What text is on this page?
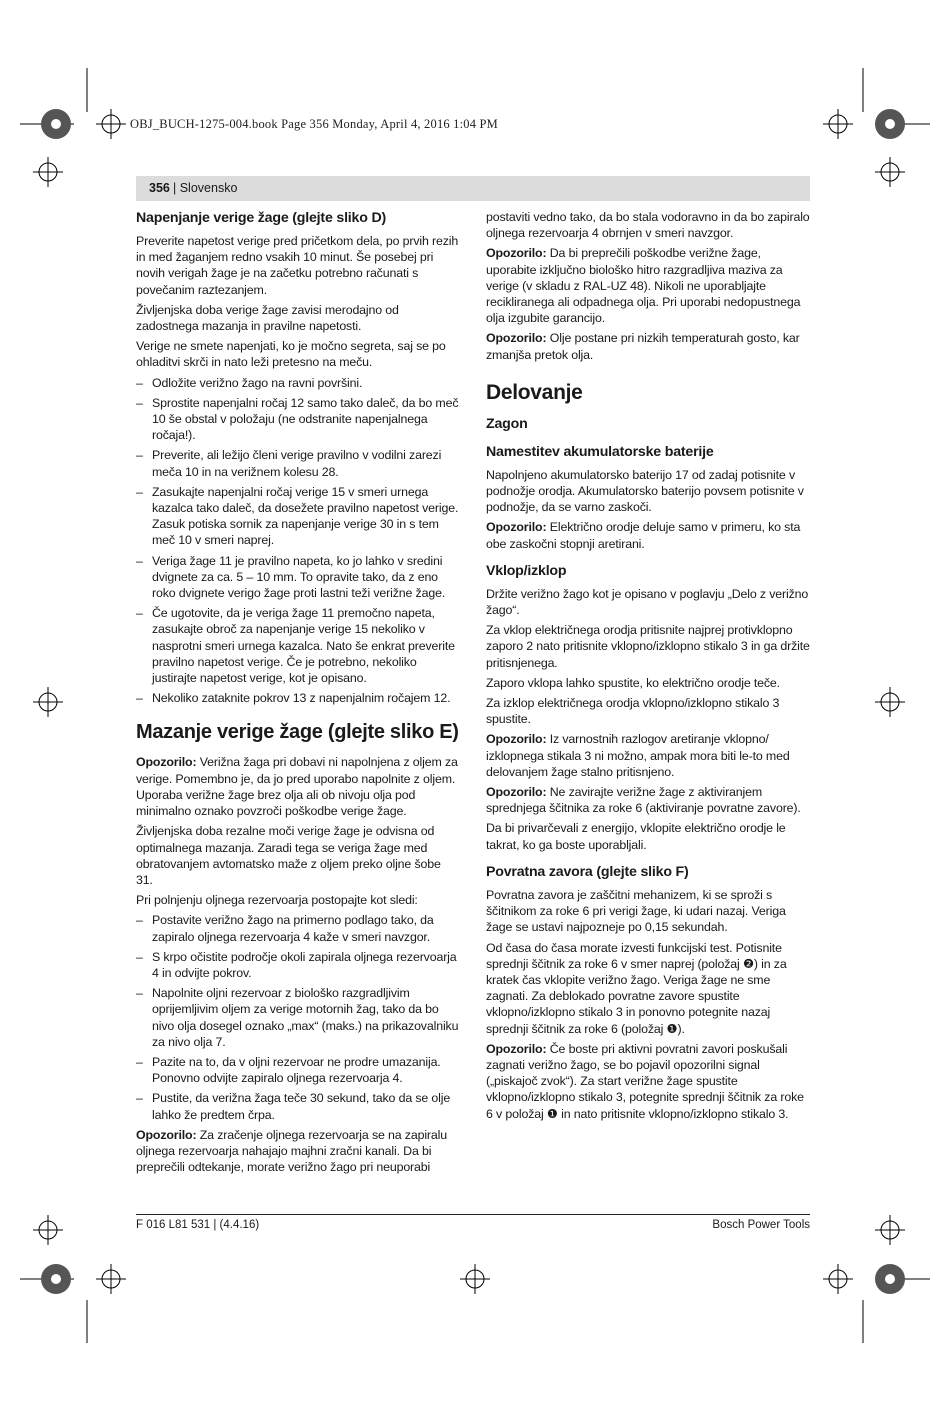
OBJ_BUCH-1275-004.book Page 356 Monday, April 4, 2016 1:04 PM
356 | Slovensko
Napenjanje verige žage (glejte sliko D)

Preverite napetost verige pred pričetkom dela, po prvih rezih in med žaganjem redno vsakih 10 minut. Še posebej pri novih verigah žage je na začetku potrebno računati s povečanim raztezanjem.

Življenjska doba verige žage zavisi merodajno od zadostnega mazanja in pravilne napetosti.

Verige ne smete napenjati, ko je močno segreta, saj se po ohladitvi skrči in nato leži pretesno na meču.

– Odložite verižno žago na ravni površini.
– Sprostite napenjalni ročaj 12 samo tako daleč, da bo meč 10 še obstal v položaju (ne odstranite napenjalnega ročaja!).
– Preverite, ali ležijo členi verige pravilno v vodilni zarezi meča 10 in na verižnem kolesu 28.
– Zasukajte napenjalni ročaj verige 15 v smeri urnega kazalca tako daleč, da dosežete pravilno napetost verige. Zasuk potiska sornik za napenjanje verige 30 in s tem meč 10 v smeri naprej.
– Veriga žage 11 je pravilno napeta, ko jo lahko v sredini dvignete za ca. 5 – 10 mm. To opravite tako, da z eno roko dvignete verigo žage proti lastni teži verižne žage.
– Če ugotovite, da je veriga žage 11 premočno napeta, zasukajte obroč za napenjanje verige 15 nekoliko v nasprotni smeri urnega kazalca. Nato še enkrat preverite pravilno napetost verige. Če je potrebno, nekoliko justirajte napetost verige, kot je opisano.
– Nekoliko zataknite pokrov 13 z napenjalnim ročajem 12.
Mazanje verige žage (glejte sliko E)

Opozorilo: Verižna žaga pri dobavi ni napolnjena z oljem za verige. Pomembno je, da jo pred uporabo napolnite z oljem. Uporaba verižne žage brez olja ali ob nivoju olja pod minimalno oznako povzroči poškodbe verige žage.

Življenjska doba rezalne moči verige žage je odvisna od optimalnega mazanja. Zaradi tega se veriga žage med obratovanjem avtomatsko maže z oljem preko oljne šobe 31.

Pri polnjenju oljnega rezervoarja postopajte kot sledi:

– Postavite verižno žago na primerno podlago tako, da zapiralo oljnega rezervoarja 4 kaže v smeri navzgor.
– S krpo očistite področje okoli zapirala oljnega rezervoarja 4 in odvijte pokrov.
– Napolnite oljni rezervoar z biološko razgradljivim oprijemljivim oljem za verige motornih žag, tako da bo nivo olja dosegel oznako „max“ (maks.) na prikazovalniku za nivo olja 7.
– Pazite na to, da v oljni rezervoar ne prodre umazanija. Ponovno odvijte zapiralo oljnega rezervoarja 4.
– Pustite, da verižna žaga teče 30 sekund, tako da se olje lahko že predtem črpa.

Opozorilo: Za zračenje oljnega rezervoarja se na zapiralu oljnega rezervoarja nahajajo majhni zračni kanali. Da bi preprečili odtekanje, morate verižno žago pri neuporabi

postaviti vedno tako, da bo stala vodoravno in da bo zapiralo oljnega rezervoarja 4 obrnjen v smeri navzgor.

Opozorilo: Da bi preprečili poškodbe verižne žage, uporabite izključno biološko hitro razgradljiva maziva za verige (v skladu z RAL-UZ 48). Nikoli ne uporabljajte recikliranega ali odpadnega olja. Pri uporabi nedopustnega olja izgubite garancijo.

Opozorilo: Olje postane pri nizkih temperaturah gosto, kar zmanjša pretok olja.

Delovanje
Zagon
Namestitev akumulatorske baterije

Napolnjeno akumulatorsko baterijo 17 od zadaj potisnite v podnožje orodja. Akumulatorsko baterijo povsem potisnite v podnožje, da se varno zaskoči.

Opozorilo: Električno orodje deluje samo v primeru, ko sta obe zaskočni stopnji aretirani.

Vklop/izklop

Držite verižno žago kot je opisano v poglavju „Delo z verižno žago“.

Za vklop električnega orodja pritisnite najprej protivklopno zaporo 2 nato pritisnite vklopno/izklopno stikalo 3 in ga držite pritisnjenega.

Zaporo vklopa lahko spustite, ko električno orodje teče.

Za izklop električnega orodja vklopno/izklopno stikalo 3 spustite.

Opozorilo: Iz varnostnih razlogov aretiranje vklopno/ izklopnega stikala 3 ni možno, ampak mora biti le-to med delovanjem žage stalno pritisnjeno.

Opozorilo: Ne zavirajte verižne žage z aktiviranjem sprednjega ščitnika za roke 6 (aktiviranje povratne zavore).

Da bi privarčevali z energijo, vklopite električno orodje le takrat, ko ga boste uporabljali.

Povratna zavora (glejte sliko F)

Povratna zavora je zaščitni mehanizem, ki se sproži s ščitnikom za roke 6 pri verigi žage, ki udari nazaj. Veriga žage se ustavi najpozneje po 0,15 sekundah.

Od časa do časa morate izvesti funkcijski test. Potisnite sprednji ščitnik za roke 6 v smer naprej (položaj ❷) in za kratek čas vklopite verižno žago. Veriga žage ne sme zagnati. Za deblokado povratne zavore spustite vklopno/izklopno stikalo 3 in ponovno potegnite nazaj sprednji ščitnik za roke 6 (položaj ❶).

Opozorilo: Če boste pri aktivni povratni zavori poskušali zagnati verižno žago, se bo pojavil opozorilni signal („piskajoč zvok“). Za start verižne žage spustite vklopno/izklopno stikalo 3, potegnite sprednji ščitnik za roke 6 v položaj ❶ in nato pritisnite vklopno/izklopno stikalo 3.

F 016 L81 531 | (4.4.16)	Bosch Power Tools
